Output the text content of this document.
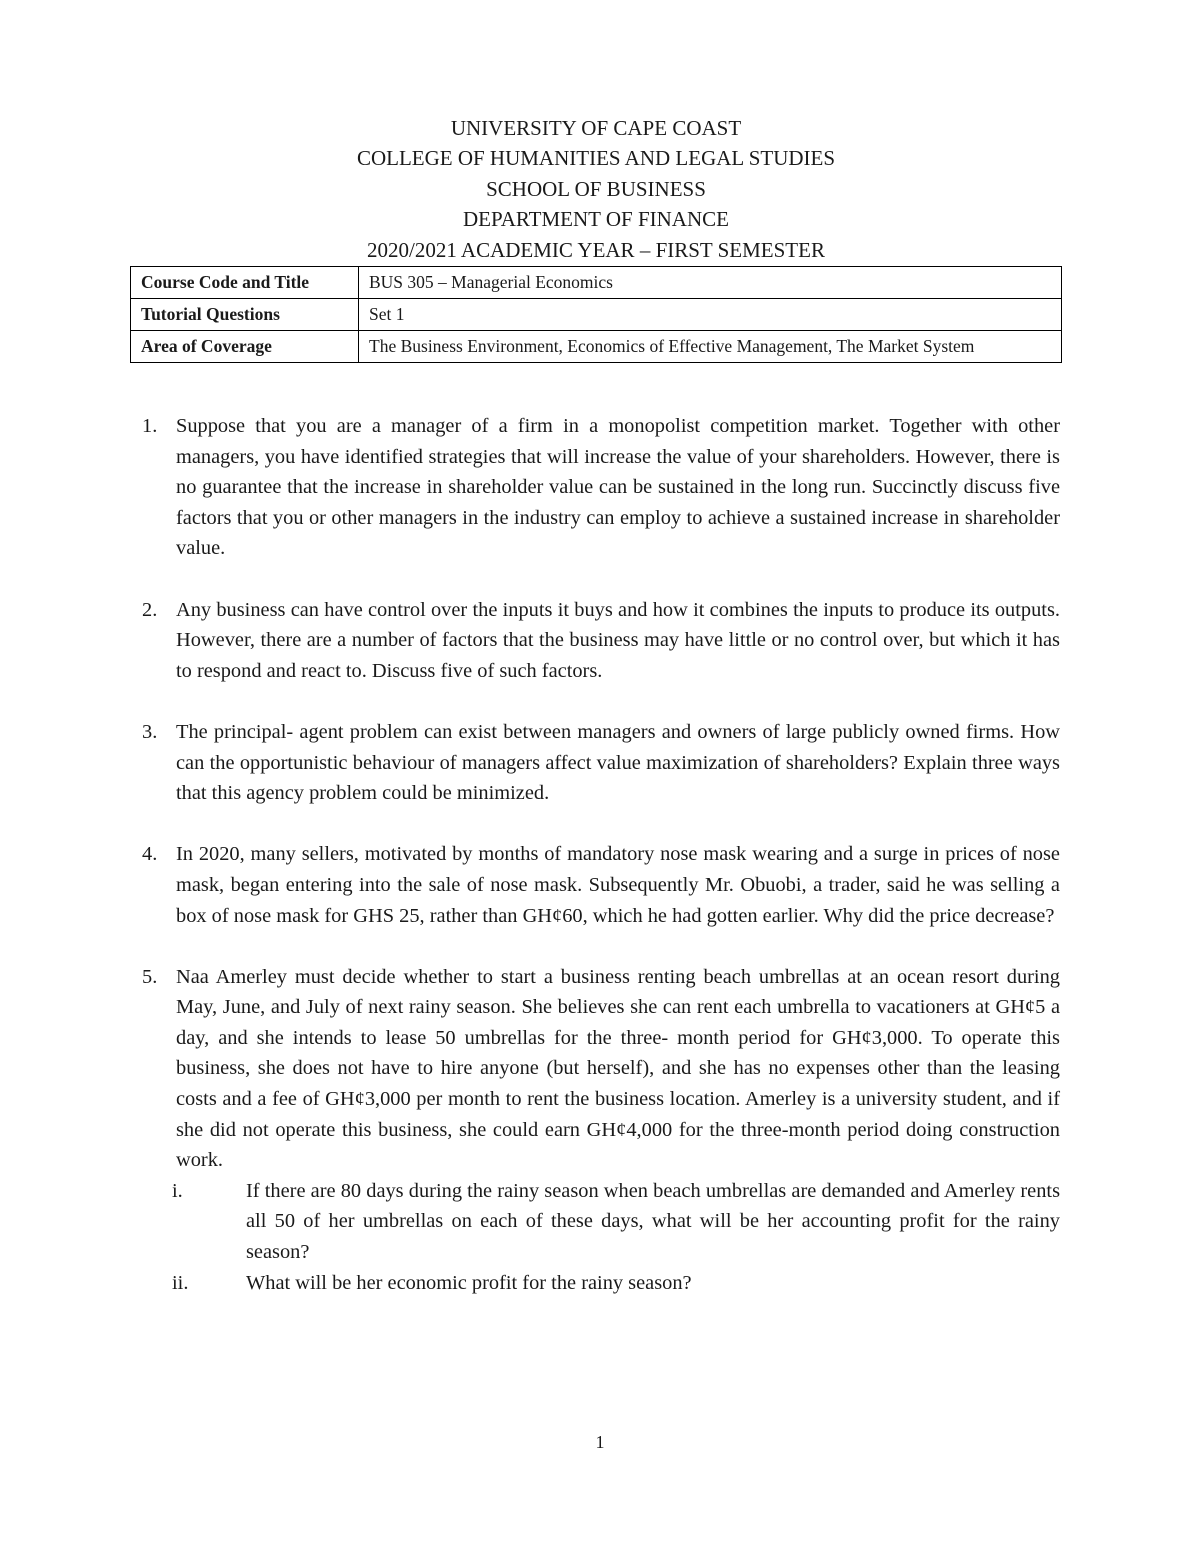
UNIVERSITY OF CAPE COAST
COLLEGE OF HUMANITIES AND LEGAL STUDIES
SCHOOL OF BUSINESS
DEPARTMENT OF FINANCE
2020/2021 ACADEMIC YEAR – FIRST SEMESTER
Course Code and Title	BUS 305 – Managerial Economics
Tutorial Questions	Set 1
Area of Coverage	The Business Environment, Economics of Effective Management, The Market System
1. Suppose that you are a manager of a firm in a monopolist competition market. Together with other managers, you have identified strategies that will increase the value of your shareholders. However, there is no guarantee that the increase in shareholder value can be sustained in the long run. Succinctly discuss five factors that you or other managers in the industry can employ to achieve a sustained increase in shareholder value.
2. Any business can have control over the inputs it buys and how it combines the inputs to produce its outputs. However, there are a number of factors that the business may have little or no control over, but which it has to respond and react to. Discuss five of such factors.
3. The principal- agent problem can exist between managers and owners of large publicly owned firms. How can the opportunistic behaviour of managers affect value maximization of shareholders? Explain three ways that this agency problem could be minimized.
4. In 2020, many sellers, motivated by months of mandatory nose mask wearing and a surge in prices of nose mask, began entering into the sale of nose mask. Subsequently Mr. Obuobi, a trader, said he was selling a box of nose mask for GHS 25, rather than GH¢60, which he had gotten earlier. Why did the price decrease?
5. Naa Amerley must decide whether to start a business renting beach umbrellas at an ocean resort during May, June, and July of next rainy season. She believes she can rent each umbrella to vacationers at GH¢5 a day, and she intends to lease 50 umbrellas for the three- month period for GH¢3,000. To operate this business, she does not have to hire anyone (but herself), and she has no expenses other than the leasing costs and a fee of GH¢3,000 per month to rent the business location. Amerley is a university student, and if she did not operate this business, she could earn GH¢4,000 for the three-month period doing construction work.
i.	If there are 80 days during the rainy season when beach umbrellas are demanded and Amerley rents all 50 of her umbrellas on each of these days, what will be her accounting profit for the rainy season?
ii.	What will be her economic profit for the rainy season?
1
